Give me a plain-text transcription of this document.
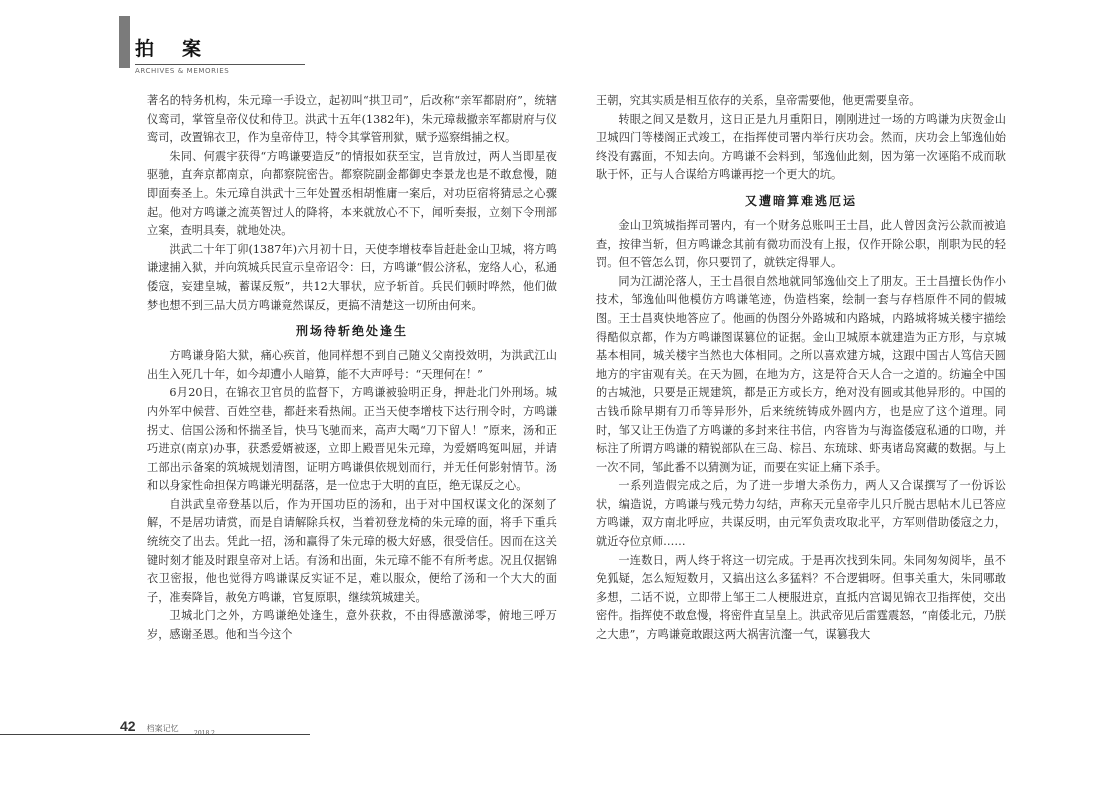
拍案
ARCHIVES & MEMORIES

著名的特务机构，朱元璋一手设立，起初叫“拱卫司”，后改称“亲军都尉府”，统辖仪鸾司，掌管皇帝仪仗和侍卫。洪武十五年(1382年)，朱元璋裁撤亲军都尉府与仪鸾司，改置锦衣卫，作为皇帝侍卫，特令其掌管刑狱，赋予巡察缉捕之权。

朱同、何震宇获得“方鸣谦要造反”的情报如获至宝，岂肯放过，两人当即星夜驱驰，直奔京都南京，向都察院密告。都察院副金都御史李景龙也是不敢怠慢，随即面奏圣上。朱元璋自洪武十三年处置丞相胡惟庸一案后，对功臣宿将猜忌之心骤起。他对方鸣谦之流英智过人的降将，本来就放心不下，闻听奏报，立刻下令刑部立案，查明具奏，就地处决。

洪武二十年丁卯(1387年)六月初十日，天使李增枝奉旨赶赴金山卫城，将方鸣谦逮捕入狱，并向筑城兵民宣示皇帝诏令：曰，方鸣谦“假公济私，宠络人心，私通倭寇，妄建皇城，蓄谋反叛”，共12大罪状，应予斩首。兵民们顿时哗然，他们做梦也想不到三品大员方鸣谦竟然谋反，更搞不清楚这一切所由何来。

刑场待斩绝处逢生

方鸣谦身陷大狱，痛心疾首，他同样想不到自己随义父南投效明，为洪武江山出生入死几十年，如今却遭小人暗算，能不大声呼号：“天理何在！”

6月20日，在锦衣卫官员的监督下，方鸣谦被验明正身，押赴北门外刑场。城内外军中候营、百姓空巷，都赶来看热闹。正当天使李增枝下达行刑令时，方鸣谦拐丈、信国公汤和怀揣圣旨，快马飞驰而来，高声大喝“刀下留人！”原来，汤和正巧进京(南京)办事，获悉爱婿被逐，立即上殿晋见朱元璋，为爱婿鸣冤叫屈，并请工部出示备案的筑城规划清图，证明方鸣谦俱依规划而行，并无任何影射情节。汤和以身家性命担保方鸣谦光明磊落，是一位忠于大明的直臣，绝无谋反之心。

自洪武皇帝登基以后，作为开国功臣的汤和，出于对中国权谋文化的深刻了解，不是居功请赏，而是自请解除兵权，当着初登龙椅的朱元璋的面，将手下重兵统统交了出去。凭此一招，汤和赢得了朱元璋的极大好感，很受信任。因而在这关键时刻才能及时跟皇帝对上话。有汤和出面，朱元璋不能不有所考虑。况且仅据锦衣卫密报，他也觉得方鸣谦谋反实证不足，难以服众，便给了汤和一个大大的面子，准奏降旨，赦免方鸣谦，官复原职，继续筑城建关。

卫城北门之外，方鸣谦绝处逢生，意外获救，不由得感激涕零，俯地三呼万岁，感谢圣恩。他和当今这个

王朝，究其实质是相互依存的关系，皇帝需要他，他更需要皇帝。

转眼之间又是数月，这日正是九月重阳日，刚刚进过一场的方鸣谦为庆贺金山卫城四门等楼阁正式竣工，在指挥使司署内举行庆功会。然而，庆功会上邹逸仙始终没有露面，不知去向。方鸣谦不会料到，邹逸仙此刻，因为第一次诬陷不成而耿耿于怀，正与人合谋给方鸣谦再挖一个更大的坑。

又遭暗算难逃厄运

金山卫筑城指挥司署内，有一个财务总账叫王士昌，此人曾因贪污公款而被追查，按律当斩，但方鸣谦念其前有微功而没有上报，仅作开除公职，削职为民的轻罚。但不管怎么罚，你只要罚了，就铁定得罪人。

同为江湖沦落人，王士昌很自然地就同邹逸仙交上了朋友。王士昌擅长伪作小技术，邹逸仙叫他模仿方鸣谦笔迹，伪造档案，绘制一套与存档原件不同的假城图。王士昌爽快地答应了。他画的伪图分外路城和内路城，内路城将城关楼宇描绘得酷似京都，作为方鸣谦图谋篡位的证据。金山卫城原本就建造为正方形，与京城基本相同，城关楼宇当然也大体相同。之所以喜欢建方城，这跟中国古人笃信天圆地方的宇宙观有关。在天为圆，在地为方，这是符合天人合一之道的。纺遍全中国的古城池，只要是正规建筑，都是正方或长方，绝对没有圆或其他异形的。中国的古钱币除早期有刀币等异形外，后来统统铸成外圆内方，也是应了这个道理。同时，邹又让王伪造了方鸣谦的多封来往书信，内容皆为与海盗倭寇私通的口吻，并标注了所谓方鸣谦的精锐部队在三岛、棕吕、东琉球、虾夷诸岛窝藏的数据。与上一次不同，邹此番不以猜测为证，而要在实证上痛下杀手。

一系列造假完成之后，为了进一步增大杀伤力，两人又合谋撰写了一份诉讼状，编造说，方鸣谦与残元势力勾结，声称天元皇帝孛儿只斤脱古思帖木儿已答应方鸣谦，双方南北呼应，共谋反明，由元军负责攻取北平，方军则借助倭寇之力，就近夺位京师……

一连数日，两人终于将这一切完成。于是再次找到朱同。朱同匆匆阅毕，虽不免狐疑，怎么短短数月，又搞出这么多猛料？不合逻辑呀。但事关重大，朱同哪敢多想，二话不说，立即带上邹王二人梗服进京，直抵内宫谒见锦衣卫指挥使，交出密件。指挥使不敢怠慢，将密件直呈皇上。洪武帝见后雷霆震怒，“南倭北元，乃朕之大患”，方鸣谦竟敢跟这两大祸害沆瀣一气，谋篡我大

42 档案记忆
